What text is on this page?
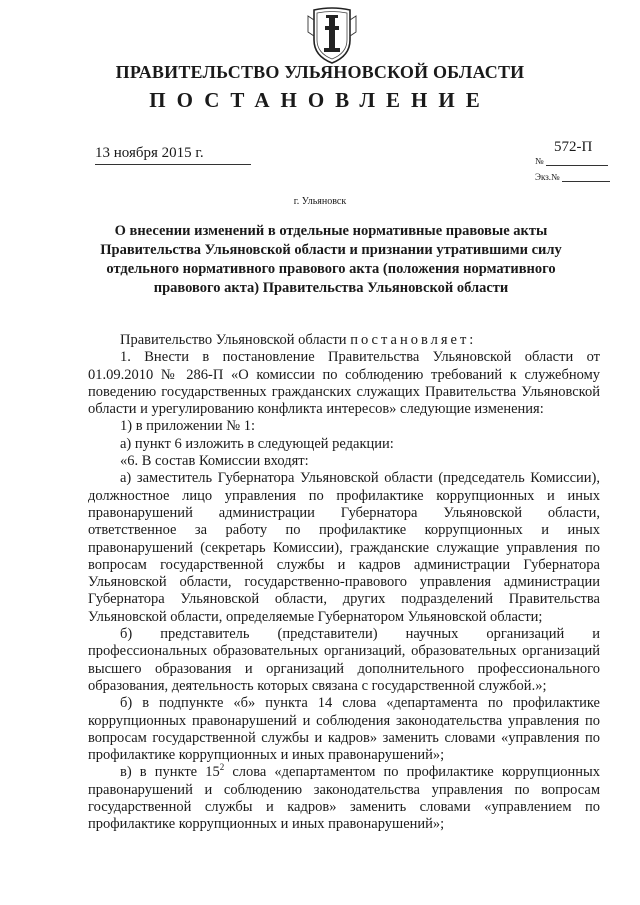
ПРАВИТЕЛЬСТВО УЛЬЯНОВСКОЙ ОБЛАСТИ
ПОСТАНОВЛЕНИЕ
13 ноября 2015 г.	572-П
№
Экз.№
г. Ульяновск
О внесении изменений в отдельные нормативные правовые акты Правительства Ульяновской области и признании утратившими силу отдельного нормативного правового акта (положения нормативного правового акта) Правительства Ульяновской области

Правительство Ульяновской области постановляет:

1. Внести в постановление Правительства Ульяновской области от 01.09.2010 № 286-П «О комиссии по соблюдению требований к служебному поведению государственных гражданских служащих Правительства Ульяновской области и урегулированию конфликта интересов» следующие изменения:

1) в приложении № 1:

а) пункт 6 изложить в следующей редакции:

«6. В состав Комиссии входят:

а) заместитель Губернатора Ульяновской области (председатель Комиссии), должностное лицо управления по профилактике коррупционных и иных правонарушений администрации Губернатора Ульяновской области, ответственное за работу по профилактике коррупционных и иных правонарушений (секретарь Комиссии), гражданские служащие управления по вопросам государственной службы и кадров администрации Губернатора Ульяновской области, государственно-правового управления администрации Губернатора Ульяновской области, других подразделений Правительства Ульяновской области, определяемые Губернатором Ульяновской области;

б) представитель (представители) научных организаций и профессиональных образовательных организаций, образовательных организаций высшего образования и организаций дополнительного профессионального образования, деятельность которых связана с государственной службой.»;

б) в подпункте «б» пункта 14 слова «департамента по профилактике коррупционных правонарушений и соблюдения законодательства управления по вопросам государственной службы и кадров» заменить словами «управления по профилактике коррупционных и иных правонарушений»;

в) в пункте $15^2$ слова «департаментом по профилактике коррупционных правонарушений и соблюдению законодательства управления по вопросам государственной службы и кадров» заменить словами «управлением по профилактике коррупционных и иных правонарушений»;
